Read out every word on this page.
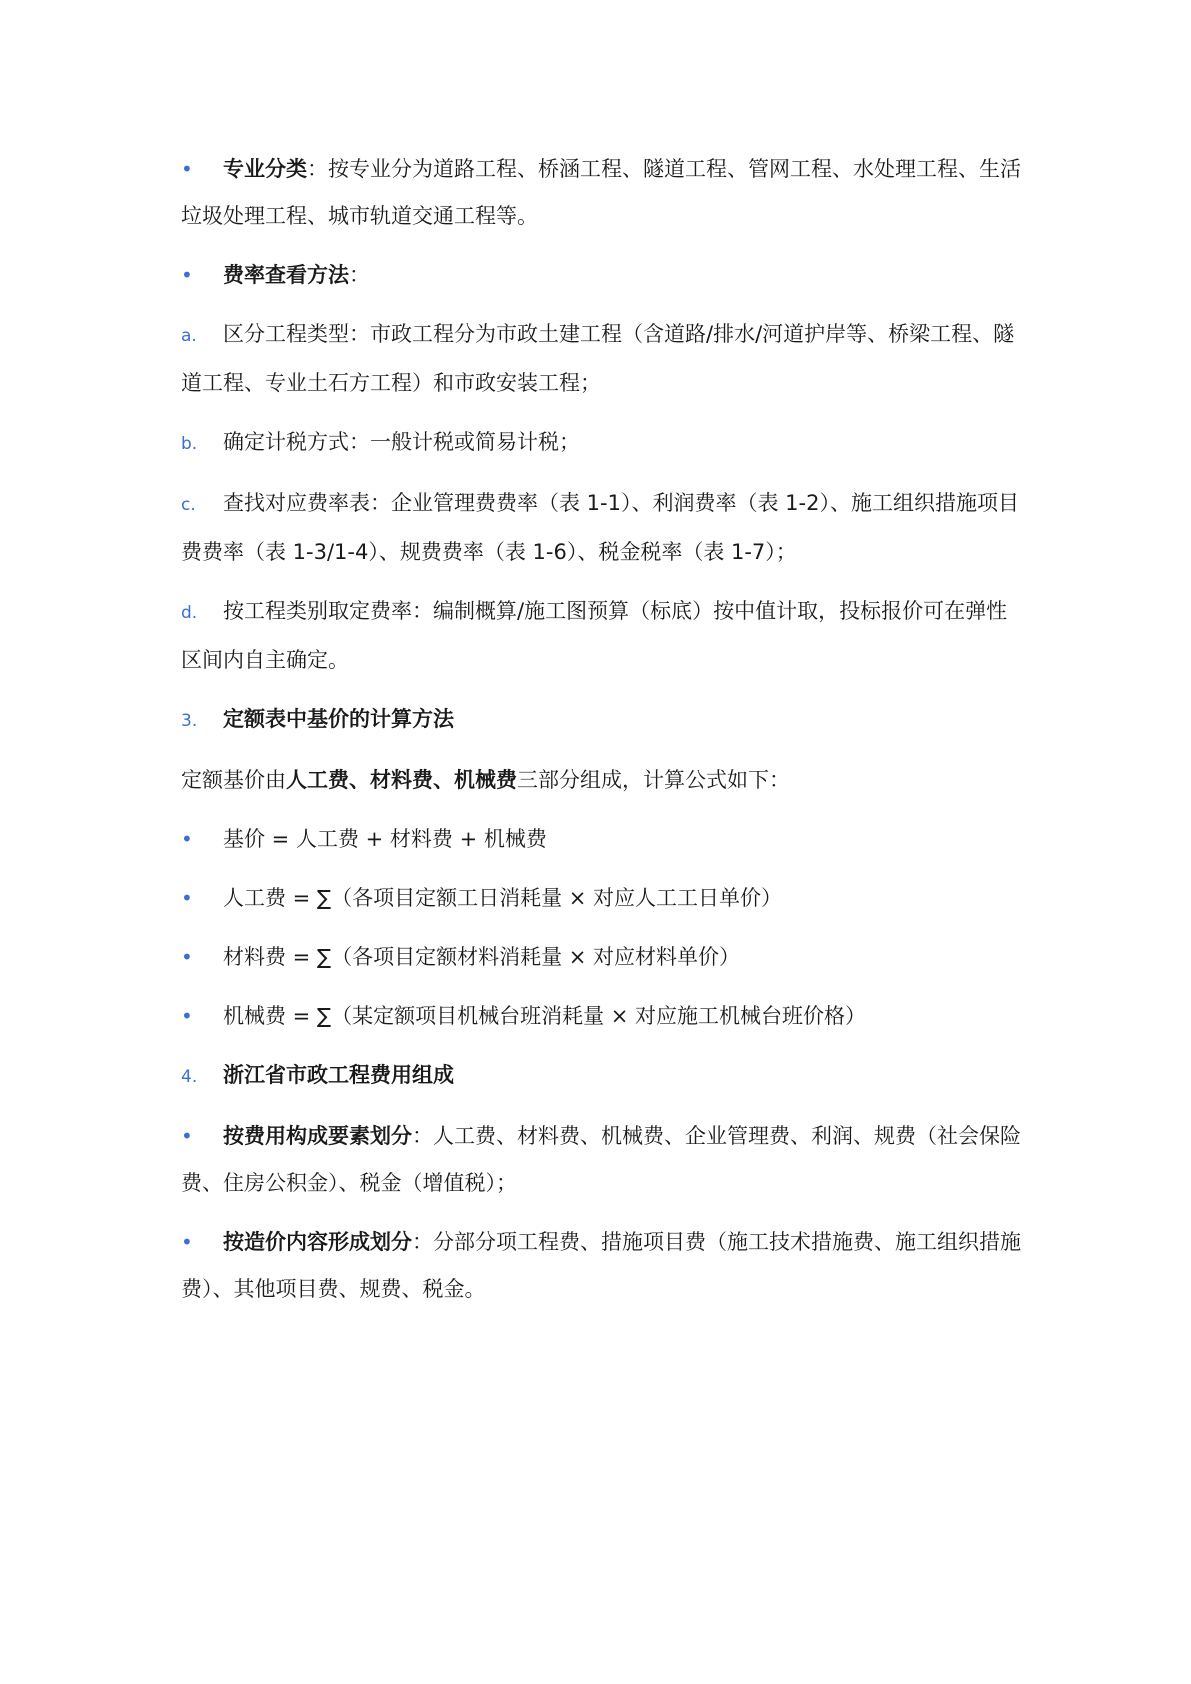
• 专业分类：按专业分为道路工程、桥涵工程、隧道工程、管网工程、水处理工程、生活垃圾处理工程、城市轨道交通工程等。

• 费率查看方法：

a. 区分工程类型：市政工程分为市政土建工程（含道路/排水/河道护岸等、桥梁工程、隧道工程、专业土石方工程）和市政安装工程；

b. 确定计税方式：一般计税或简易计税；

c. 查找对应费率表：企业管理费费率（表 1-1）、利润费率（表 1-2）、施工组织措施项目费费率（表 1-3/1-4）、规费费率（表 1-6）、税金税率（表 1-7）；

d. 按工程类别取定费率：编制概算/施工图预算（标底）按中值计取，投标报价可在弹性区间内自主确定。

3. 定额表中基价的计算方法

定额基价由人工费、材料费、机械费三部分组成，计算公式如下：

• 基价 = 人工费 + 材料费 + 机械费

• 人工费 = ∑（各项目定额工日消耗量 × 对应人工工日单价）

• 材料费 = ∑（各项目定额材料消耗量 × 对应材料单价）

• 机械费 = ∑（某定额项目机械台班消耗量 × 对应施工机械台班价格）

4. 浙江省市政工程费用组成

• 按费用构成要素划分：人工费、材料费、机械费、企业管理费、利润、规费（社会保险费、住房公积金）、税金（增值税）；

• 按造价内容形成划分：分部分项工程费、措施项目费（施工技术措施费、施工组织措施费）、其他项目费、规费、税金。
